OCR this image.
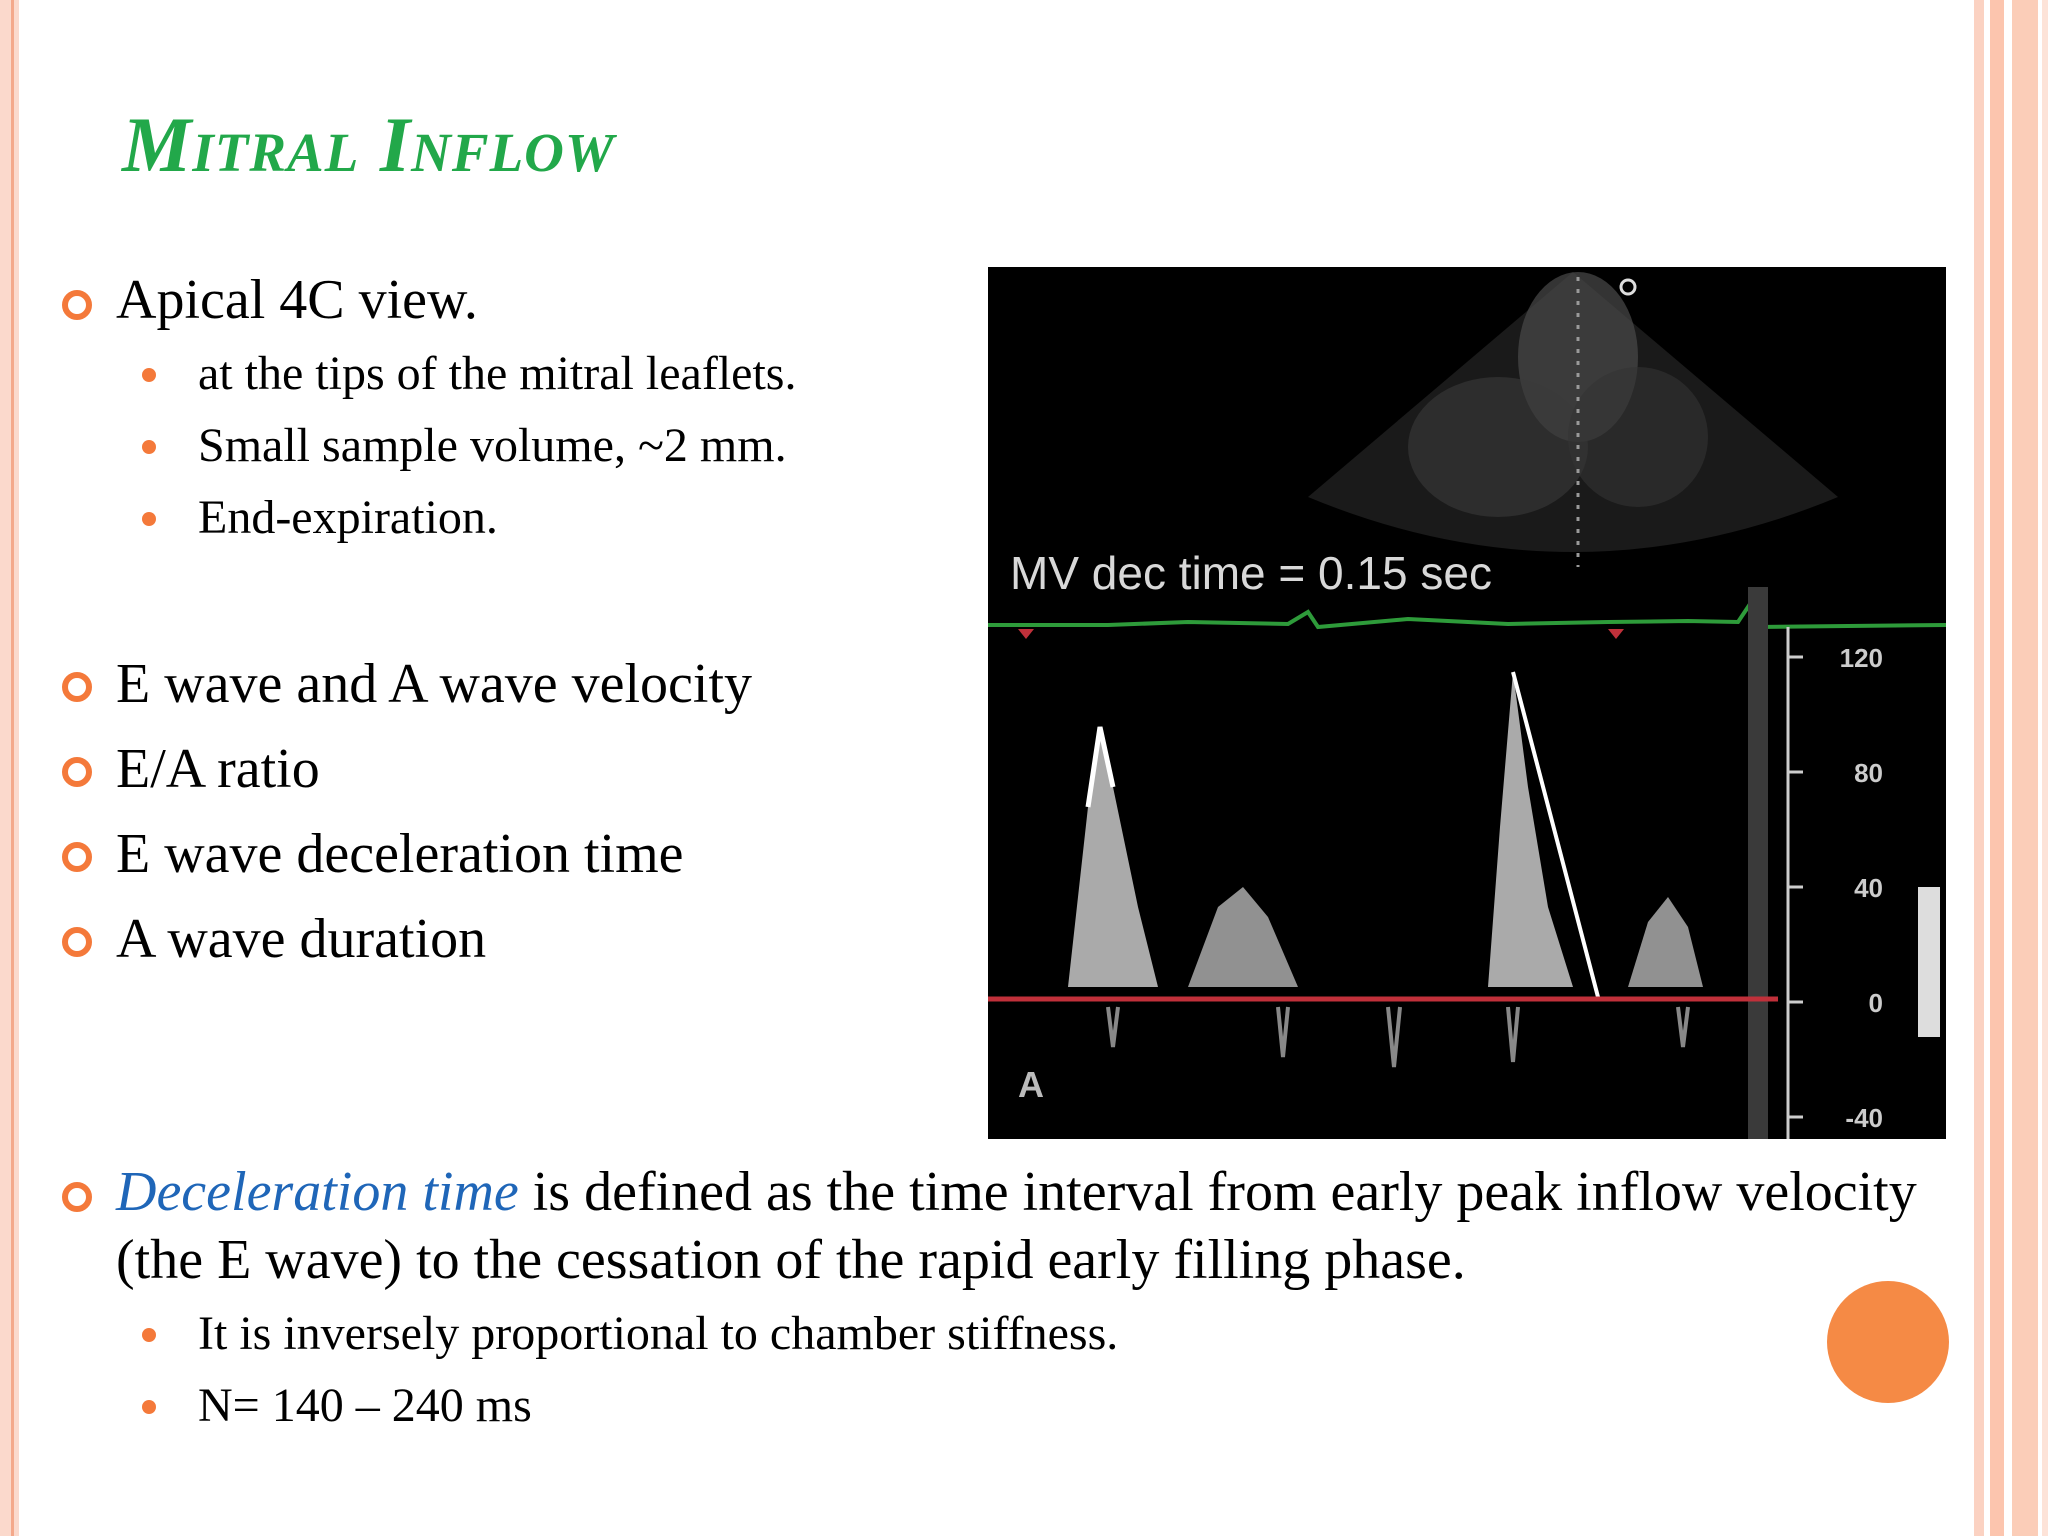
Mitral Inflow
Apical 4C view.
at the tips of the mitral leaflets.
Small sample volume, ~2 mm.
End-expiration.
E wave and A wave velocity
E/A ratio
E wave deceleration time
A wave duration
MV dec time = 0.15 sec
120
80
40
0
-40
A
Deceleration time is defined as the time interval from early peak inflow velocity (the E wave) to the cessation of the rapid early filling phase.
It is inversely proportional to chamber stiffness.
N= 140 – 240 ms
